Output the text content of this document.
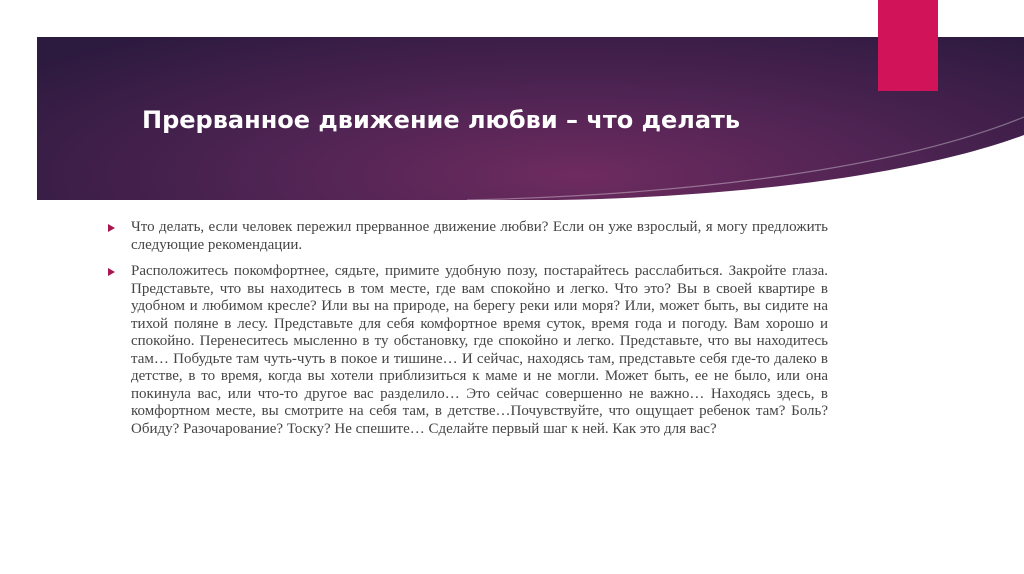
Прерванное движение любви – что делать
Что делать, если человек пережил прерванное движение любви? Если он уже взрослый, я могу предложить следующие рекомендации.
Расположитесь покомфортнее, сядьте, примите удобную позу, постарайтесь расслабиться. Закройте глаза. Представьте, что вы находитесь в том месте, где вам спокойно и легко. Что это? Вы в своей квартире в удобном и любимом кресле? Или вы на природе, на берегу реки или моря? Или, может быть, вы сидите на тихой поляне в лесу. Представьте для себя комфортное время суток, время года и погоду. Вам хорошо и спокойно. Перенеситесь мысленно в ту обстановку, где спокойно и легко. Представьте, что вы находитесь там… Побудьте там чуть-чуть в покое и тишине… И сейчас, находясь там, представьте себя где-то далеко в детстве, в то время, когда вы хотели приблизиться к маме и не могли. Может быть, ее не было, или она покинула вас, или что-то другое вас разделило… Это сейчас совершенно не важно… Находясь здесь, в комфортном месте, вы смотрите на себя там, в детстве…Почувствуйте, что ощущает ребенок там? Боль? Обиду? Разочарование? Тоску? Не спешите… Сделайте первый шаг к ней. Как это для вас?
